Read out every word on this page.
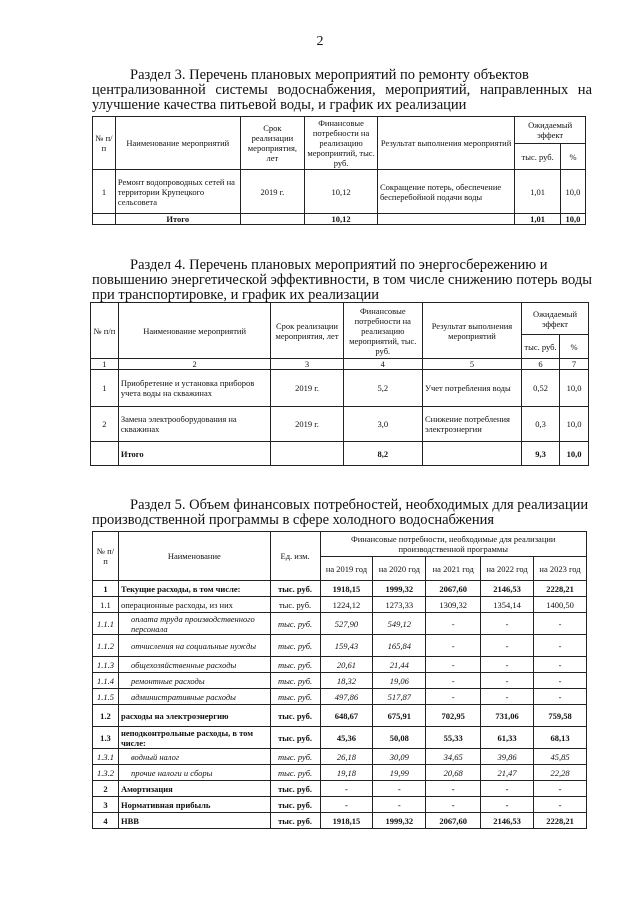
2
Раздел 3. Перечень плановых мероприятий по ремонту объектов
централизованной системы водоснабжения, мероприятий, направленных на улучшение качества питьевой воды, и график их реализации
№ п/ п	Наименование мероприятий	Срок реализации мероприятия, лет	Финансовые потребности на реализацию мероприятий, тыс. руб.	Результат выполнения мероприятий	Ожидаемый эффект	
					тыс. руб.	%
1	Ремонт водопроводных сетей на территории Крупецкого сельсовета	2019 г.	10,12	Сокращение потерь, обеспечение бесперебойной подачи воды	1,01	10,0
	Итого		10,12		1,01	10,0
Раздел 4. Перечень плановых мероприятий по энергосбережению и
повышению энергетической эффективности, в том числе снижению потерь воды при транспортировке, и график их реализации
№ п/п	Наименование мероприятий	Срок реализации мероприятия, лет	Финансовые потребности на реализацию мероприятий, тыс. руб.	Результат выполнения мероприятий	Ожидаемый эффект	
					тыс. руб.	%
1	2	3	4	5	6	7
1	Приобретение и установка приборов учета воды на скважинах	2019 г.	5,2	Учет потребления воды	0,52	10,0
2	Замена электрооборудования на скважинах	2019 г.	3,0	Снижение потребления электроэнергии	0,3	10,0
	Итого		8,2		9,3	10,0
Раздел 5. Объем финансовых потребностей, необходимых для реализации
производственной программы в сфере холодного водоснабжения
№ п/п	Наименование	Ед. изм.	Финансовые потребности, необходимые для реализации производственной программы				
			на 2019 год	на 2020 год	на 2021 год	на 2022 год	на 2023 год
1	Текущие расходы, в том числе:	тыс. руб.	1918,15	1999,32	2067,60	2146,53	2228,21
1.1	операционные расходы, из них	тыс. руб.	1224,12	1273,33	1309,32	1354,14	1400,50
1.1.1	оплата труда производственного персонала	тыс. руб.	527,90	549,12	-	-	-
1.1.2	отчисления на социальные нужды	тыс. руб.	159,43	165,84	-	-	-
1.1.3	общехозяйственные расходы	тыс. руб.	20,61	21,44	-	-	-
1.1.4	ремонтные расходы	тыс. руб.	18,32	19,06	-	-	-
1.1.5	административные расходы	тыс. руб.	497,86	517,87	-	-	-
1.2	расходы на электроэнергию	тыс. руб.	648,67	675,91	702,95	731,06	759,58
1.3	неподконтрольные расходы, в том числе:	тыс. руб.	45,36	50,08	55,33	61,33	68,13
1.3.1	водный налог	тыс. руб.	26,18	30,09	34,65	39,86	45,85
1.3.2	прочие налоги и сборы	тыс. руб.	19,18	19,99	20,68	21,47	22,28
2	Амортизация	тыс. руб.	-	-	-	-	-
3	Нормативная прибыль	тыс. руб.	-	-	-	-	-
4	НВВ	тыс. руб.	1918,15	1999,32	2067,60	2146,53	2228,21
